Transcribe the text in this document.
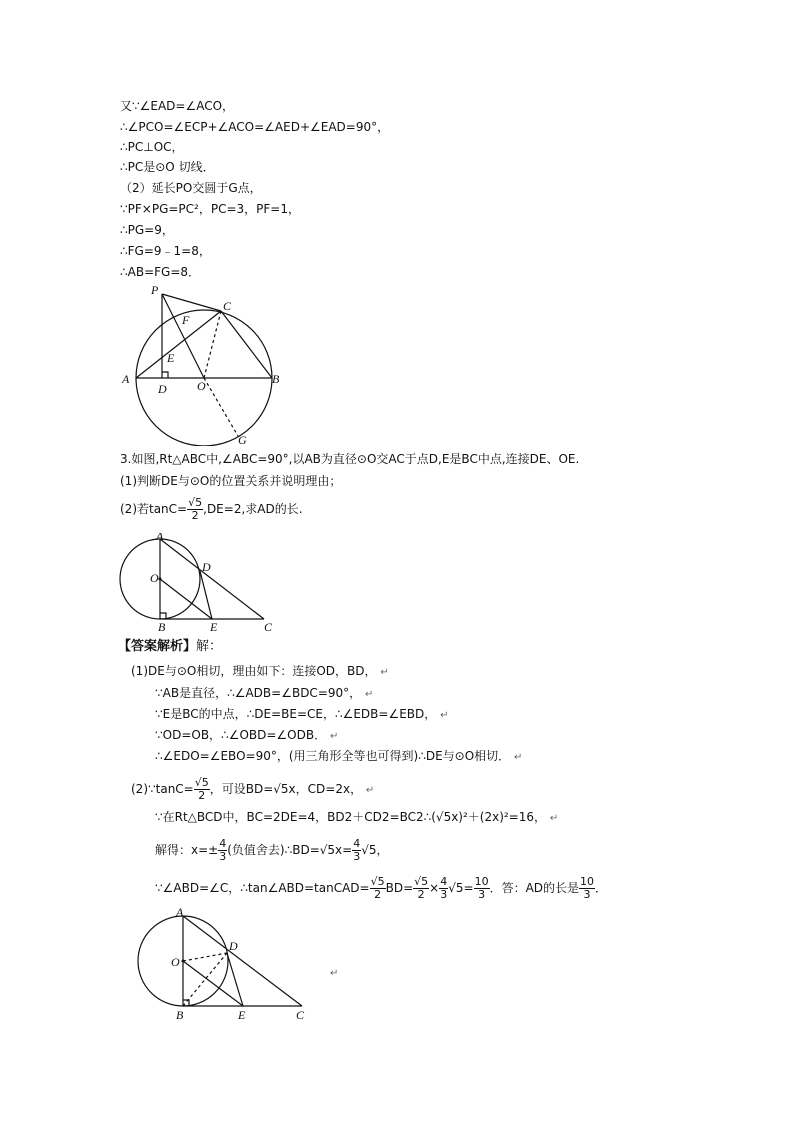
又∵∠EAD=∠ACO，
∴∠PCO=∠ECP+∠ACO=∠AED+∠EAD=90°，
∴PC⊥OC，
∴PC是⊙O 切线．
（2）延长PO交圆于G点，
∵PF×PG=PC²，PC=3，PF=1，
∴PG=9，
∴FG=9﹣1=8，
∴AB=FG=8．
P
C
F
E
A
D	O	B
G
3.如图,Rt△ABC中,∠ABC=90°,以AB为直径⊙O交AC于点D,E是BC中点,连接DE、OE.
(1)判断DE与⊙O的位置关系并说明理由；
(2)若$\tan C= \frac{√5}{2} ,DE=2$,求AD的长.
A
O
D
B	E	C
【答案解析】解：
(1)DE与⊙O相切，理由如下：连接OD，BD， ↵
∵AB是直径，∴∠ADB=∠BDC=90°， ↵
∵E是BC的中点，∴DE=BE=CE，∴∠EDB=∠EBD， ↵
∵OD=OB，∴∠OBD=∠ODB． ↵
∴∠EDO=∠EBO=90°，(用三角形全等也可得到)∴DE与⊙O相切． ↵
(2)∵tanC= $\frac{√5}{2}$ ，可设BD=√5x，CD=2x， ↵
∵在Rt△BCD中，BC=2DE=4，BD2＋CD2=BC2∴(√5x)²＋(2x)²=16， ↵
解得：$x=\pm \frac{4}{3}$ (负值舍去)∴BD=√5x= $\frac{4}{3} √5$，
∵∠ABD=∠C，∴tan∠ABD=tanCAD= $\frac{√5}{2} BD= \frac{√5}{2} \times \frac{4}{3} √5= \frac{10}{3}$ ．答：AD的长是 $\frac{10}{3}$ ．
A
O
D
B	E	C
↵
